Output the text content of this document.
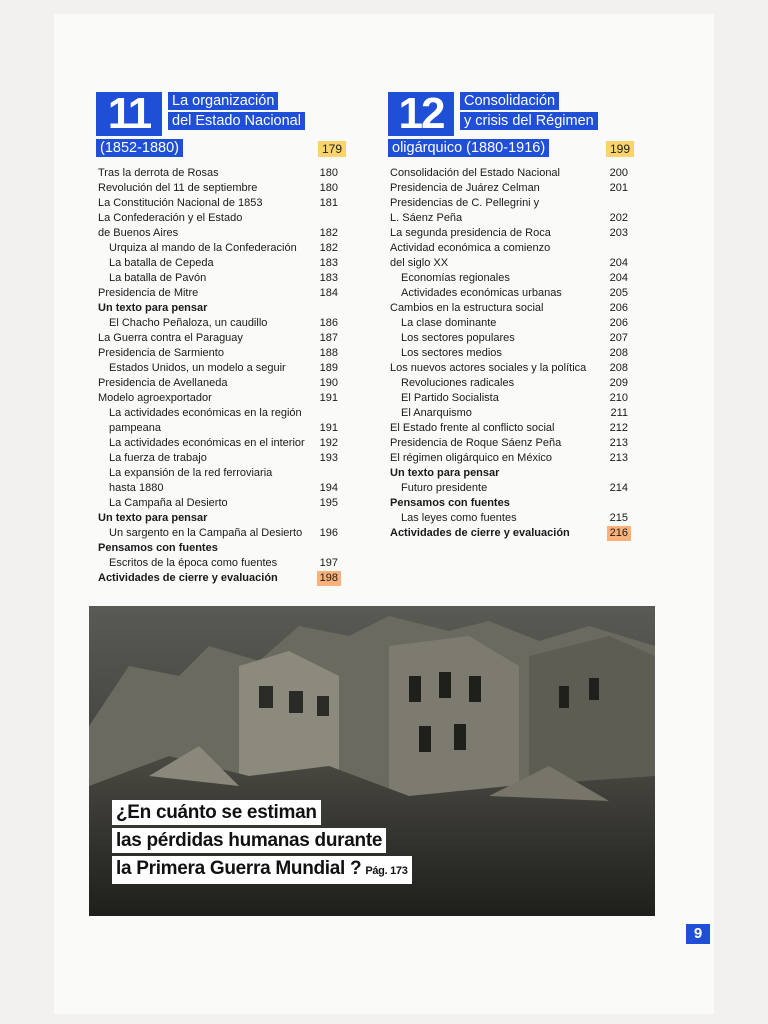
11	La organización
del Estado Nacional
(1852-1880)	179
Tras la derrota de Rosas	180
Revolución del 11 de septiembre	180
La Constitución Nacional de 1853	181
La Confederación y el Estado
de Buenos Aires	182
Urquiza al mando de la Confederación 182
La batalla de Cepeda	183
La batalla de Pavón	183
Presidencia de Mitre	184
Un texto para pensar
El Chacho Peñaloza, un caudillo	186
La Guerra contra el Paraguay	187
Presidencia de Sarmiento	188
Estados Unidos, un modelo a seguir	189
Presidencia de Avellaneda	190
Modelo agroexportador	191
La actividades económicas en la región
pampeana	191
La actividades económicas en el interior 192
La fuerza de trabajo	193
La expansión de la red ferroviaria
hasta 1880	194
La Campaña al Desierto	195
Un texto para pensar
Un sargento en la Campaña al Desierto 196
Pensamos con fuentes
Escritos de la época como fuentes	197
Actividades de cierre y evaluación	198
12	Consolidación
y crisis del Régimen
oligárquico (1880-1916)	199
Consolidación del Estado Nacional	200
Presidencia de Juárez Celman	201
Presidencias de C. Pellegrini y
L. Sáenz Peña	202
La segunda presidencia de Roca	203
Actividad económica a comienzo
del siglo XX	204
Economías regionales	204
Actividades económicas urbanas	205
Cambios en la estructura social	206
La clase dominante	206
Los sectores populares	207
Los sectores medios	208
Los nuevos actores sociales y la política 208
Revoluciones radicales	209
El Partido Socialista	210
El Anarquismo	211
El Estado frente al conflicto social	212
Presidencia de Roque Sáenz Peña	213
El régimen oligárquico en México	213
Un texto para pensar
Futuro presidente	214
Pensamos con fuentes
Las leyes como fuentes	215
Actividades de cierre y evaluación	216
¿En cuánto se estiman
las pérdidas humanas durante
la Primera Guerra Mundial ? Pág. 173
9
